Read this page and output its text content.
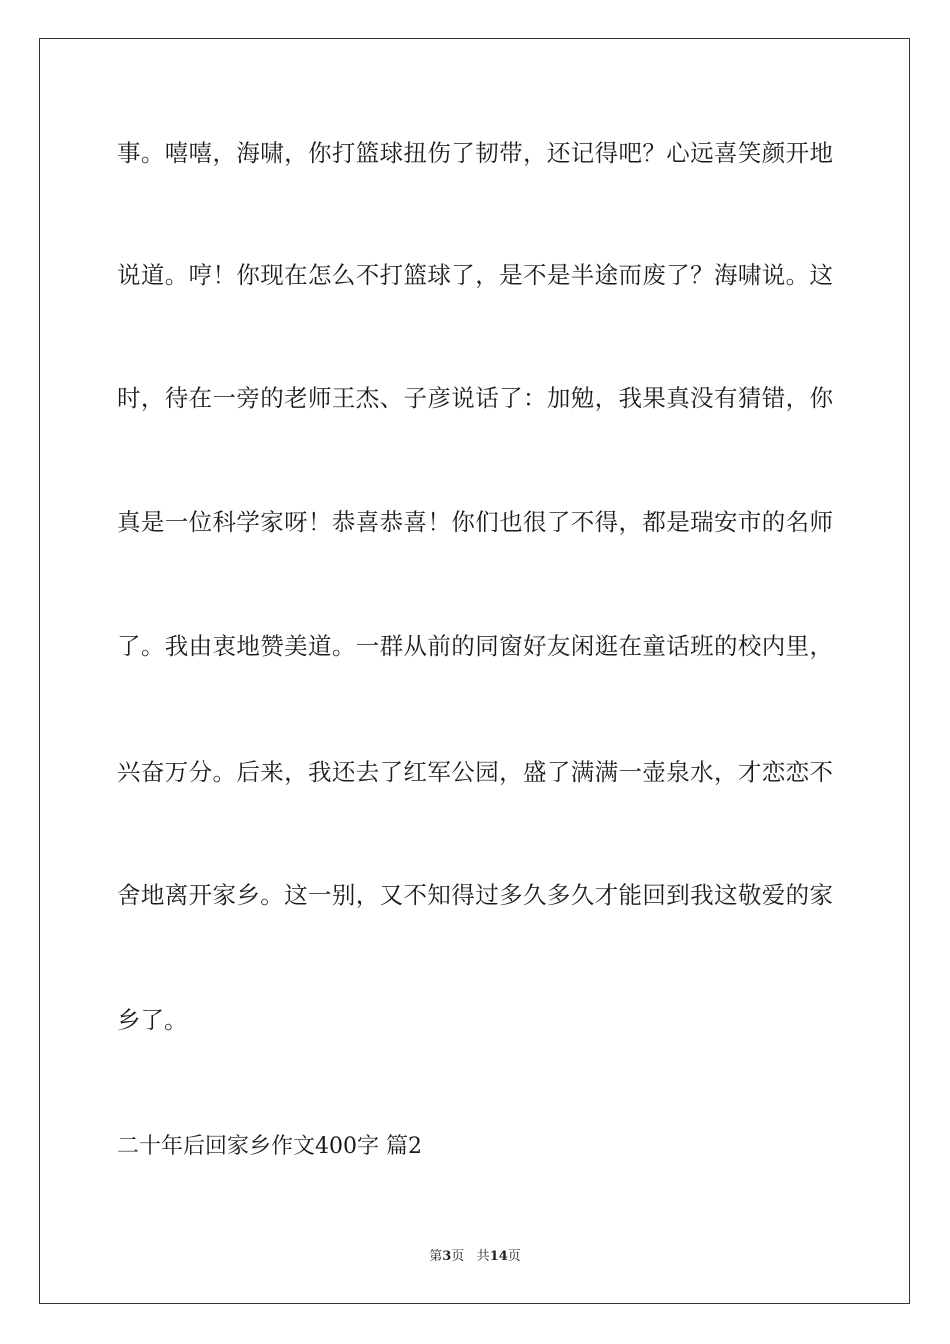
事。嘻嘻，海啸，你打篮球扭伤了韧带，还记得吧？心远喜笑颜开地
说道。哼！你现在怎么不打篮球了，是不是半途而废了？海啸说。这
时，待在一旁的老师王杰、子彦说话了：加勉，我果真没有猜错，你
真是一位科学家呀！恭喜恭喜！你们也很了不得，都是瑞安市的名师
了。我由衷地赞美道。一群从前的同窗好友闲逛在童话班的校内里，
兴奋万分。后来，我还去了红军公园，盛了满满一壶泉水，才恋恋不
舍地离开家乡。这一别，又不知得过多久多久才能回到我这敬爱的家
乡了。
二十年后回家乡作文400字 篇2
第3页 共14页
